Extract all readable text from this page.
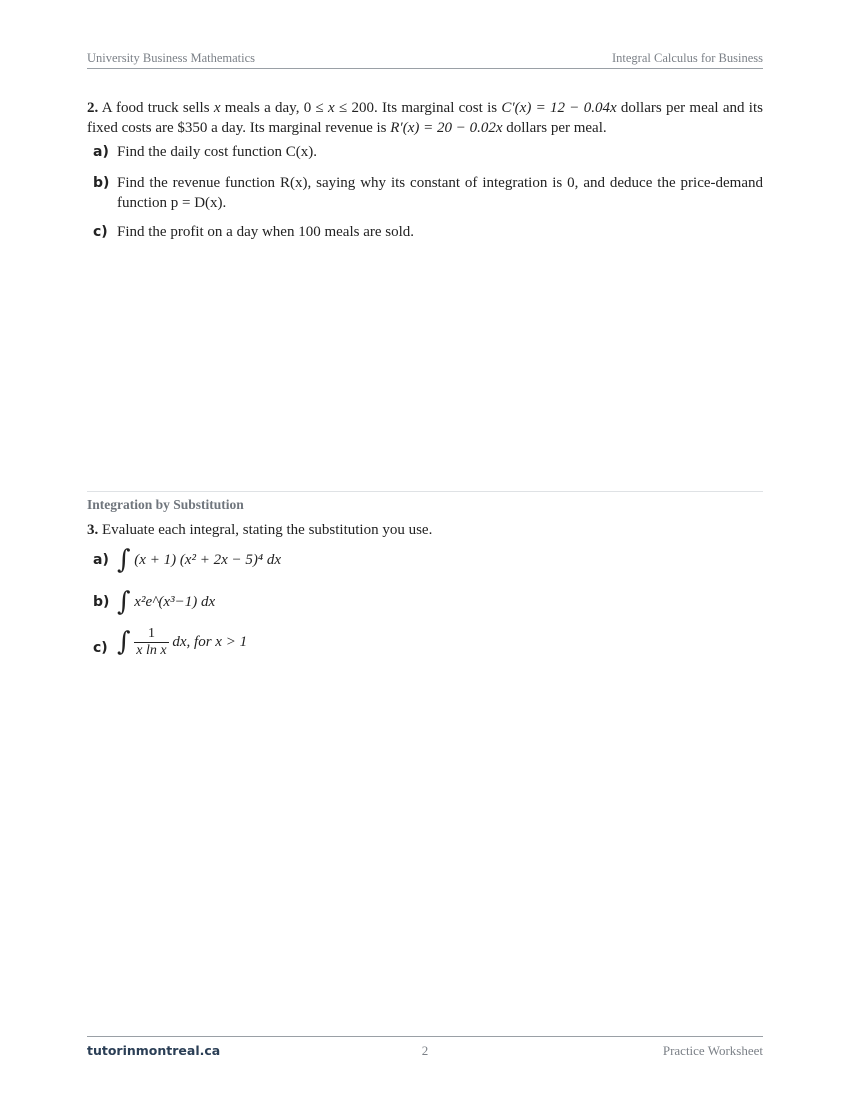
University Business Mathematics	Integral Calculus for Business
2. A food truck sells x meals a day, 0 ≤ x ≤ 200. Its marginal cost is C′(x) = 12 − 0.04x dollars per meal and its fixed costs are $350 a day. Its marginal revenue is R′(x) = 20 − 0.02x dollars per meal.
a) Find the daily cost function C(x).
b) Find the revenue function R(x), saying why its constant of integration is 0, and deduce the price-demand function p = D(x).
c) Find the profit on a day when 100 meals are sold.
Integration by Substitution
3. Evaluate each integral, stating the substitution you use.
a) ∫ (x + 1) (x² + 2x − 5)⁴ dx
b) ∫ x²e^(x³−1) dx
c) ∫ $\frac{1}{\text{x ln x}}$ dx, for x > 1
tutorinmontreal.ca	2	Practice Worksheet
